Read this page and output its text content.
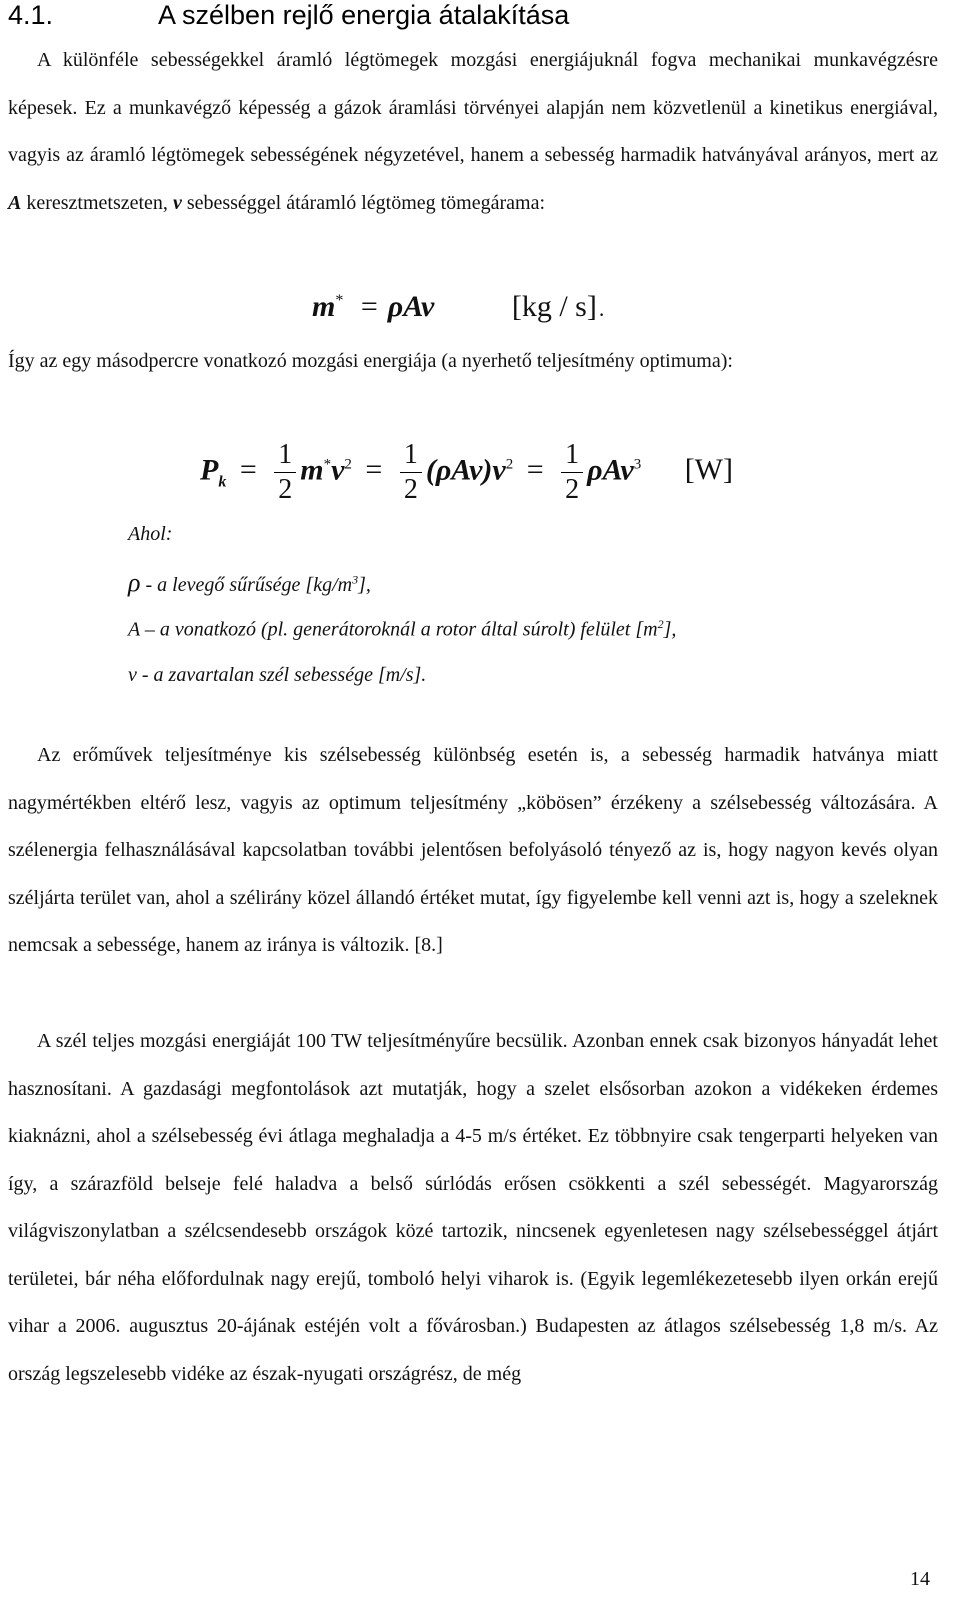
4.1.	A szélben rejlő energia átalakítása

A különféle sebességekkel áramló légtömegek mozgási energiájuknál fogva mechanikai munkavégzésre képesek. Ez a munkavégző képesség a gázok áramlási törvényei alapján nem közvetlenül a kinetikus energiával, vagyis az áramló légtömegek sebességének négyzetével, hanem a sebesség harmadik hatványával arányos, mert az A keresztmetszeten, v sebességgel átáramló légtömeg tömegárama:

m* = ρAv	[kg / s].

Így az egy másodpercre vonatkozó mozgási energiája (a nyerhető teljesítmény optimuma):

$P_k = \frac{1}{2} m^*v^2 = \frac{1}{2} (\rho Av)v^2 = \frac{1}{2} \rho Av^3$ [W]
Ahol:
ρ - a levegő sűrűsége $[kg/m^3]$,
A – a vonatkozó (pl. generátoroknál a rotor által súrolt) felület $[m^2]$,
v - a zavartalan szél sebessége [m/s].

Az erőművek teljesítménye kis szélsebesség különbség esetén is, a sebesség harmadik hatványa miatt nagymértékben eltérő lesz, vagyis az optimum teljesítmény „köbösen” érzékeny a szélsebesség változására. A szélenergia felhasználásával kapcsolatban további jelentősen befolyásoló tényező az is, hogy nagyon kevés olyan széljárta terület van, ahol a szélirány közel állandó értéket mutat, így figyelembe kell venni azt is, hogy a szeleknek nemcsak a sebessége, hanem az iránya is változik. [8.]

A szél teljes mozgási energiáját 100 TW teljesítményűre becsülik. Azonban ennek csak bizonyos hányadát lehet hasznosítani. A gazdasági megfontolások azt mutatják, hogy a szelet elsősorban azokon a vidékeken érdemes kiaknázni, ahol a szélsebesség évi átlaga meghaladja a 4-5 m/s értéket. Ez többnyire csak tengerparti helyeken van így, a szárazföld belseje felé haladva a belső súrlódás erősen csökkenti a szél sebességét. Magyarország világviszonylatban a szélcsendesebb országok közé tartozik, nincsenek egyenletesen nagy szélsebességgel átjárt területei, bár néha előfordulnak nagy erejű, tomboló helyi viharok is. (Egyik legemlékezetesebb ilyen orkán erejű vihar a 2006. augusztus 20-ájának estéjén volt a fővárosban.) Budapesten az átlagos szélsebesség 1,8 m/s. Az ország legszelesebb vidéke az észak-nyugati országrész, de még

14
